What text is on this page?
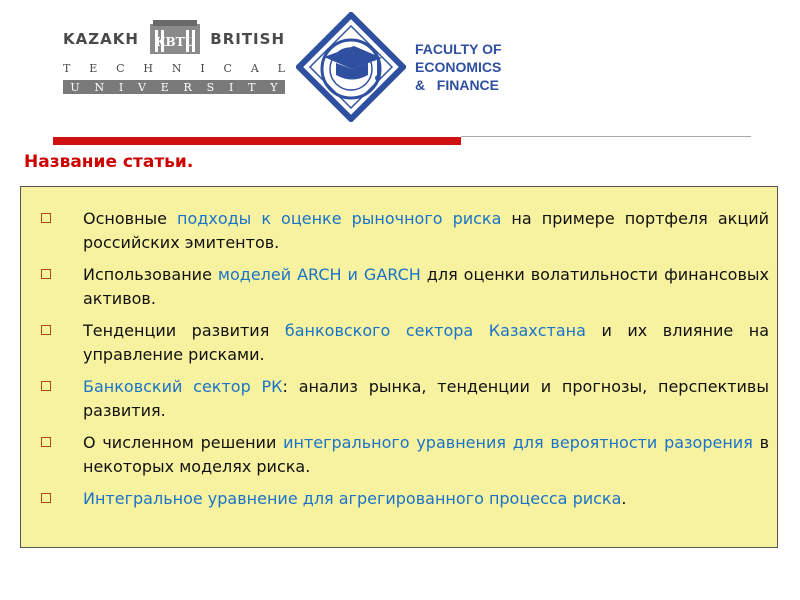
KAZAKH KBTU BRITISH
T E C H N I C A L
U N I V E R S I T Y
FACULTY OF
ECONOMICS
&   FINANCE
Название статьи.
Основные подходы к оценке рыночного риска на примере портфеля акций российских эмитентов.
Использование моделей ARCH и GARCH для оценки волатильности финансовых активов.
Тенденции развития банковского сектора Казахстана и их влияние на управление рисками.
Банковский сектор РК: анализ рынка, тенденции и прогнозы, перспективы развития.
О численном решении интегрального уравнения для вероятности разорения в некоторых моделях риска.
Интегральное уравнение для агрегированного процесса риска.
